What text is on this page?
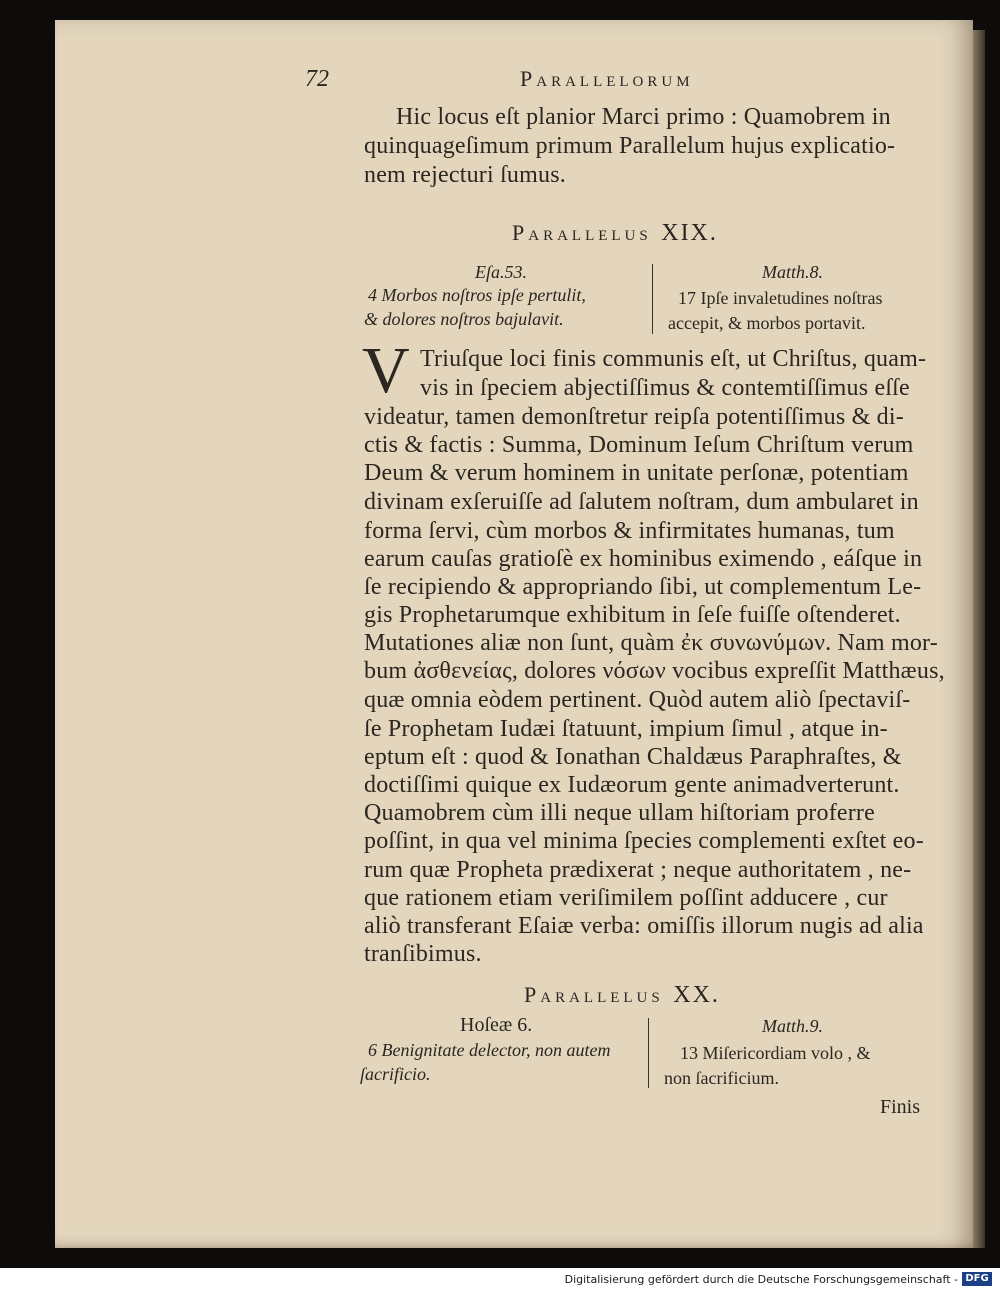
72	Parallelorum
Hic locus eſt planior Marci primo : Quamobrem in
quinquageſimum primum Parallelum hujus explicatio-
nem rejecturi ſumus.
Parallelus XIX.
Eſa.53.
4 Morbos noſtros ipſe pertulit,
& dolores noſtros bajulavit.
Matth.8.
17 Ipſe invaletudines noſtras
accepit, & morbos portavit.
V Triuſque loci finis communis eſt, ut Chriſtus, quam-
vis in ſpeciem abjectiſſimus & contemtiſſimus eſſe
videatur, tamen demonſtretur reipſa potentiſſimus & di-
ctis & factis : Summa, Dominum Ieſum Chriſtum verum
Deum & verum hominem in unitate perſonæ, potentiam
divinam exſeruiſſe ad ſalutem noſtram, dum ambularet in
forma ſervi, cùm morbos & infirmitates humanas, tum
earum cauſas gratioſè ex hominibus eximendo , eáſque in
ſe recipiendo & appropriando ſibi, ut complementum Le-
gis Prophetarumque exhibitum in ſeſe fuiſſe oſtenderet.
Mutationes aliæ non ſunt, quàm ἐκ συνωνύμων. Nam mor-
bum ἀσθενείας, dolores νόσων vocibus expreſſit Matthæus,
quæ omnia eòdem pertinent. Quòd autem aliò ſpectaviſ-
ſe Prophetam Iudæi ſtatuunt, impium ſimul , atque in-
eptum eſt : quod & Ionathan Chaldæus Paraphraſtes, &
doctiſſimi quique ex Iudæorum gente animadverterunt.
Quamobrem cùm illi neque ullam hiſtoriam proferre
poſſint, in qua vel minima ſpecies complementi exſtet eo-
rum quæ Propheta prædixerat ; neque authoritatem , ne-
que rationem etiam veriſimilem poſſint adducere , cur
aliò transferant Eſaiæ verba: omiſſis illorum nugis ad alia
tranſibimus.
Parallelus XX.
Hoſeæ 6.
6 Benignitate delector, non autem
ſacrificio.
Matth.9.
13 Miſericordiam volo , &
non ſacrificium.
Finis
Digitalisierung gefördert durch die Deutsche Forschungsgemeinschaft - DFG
